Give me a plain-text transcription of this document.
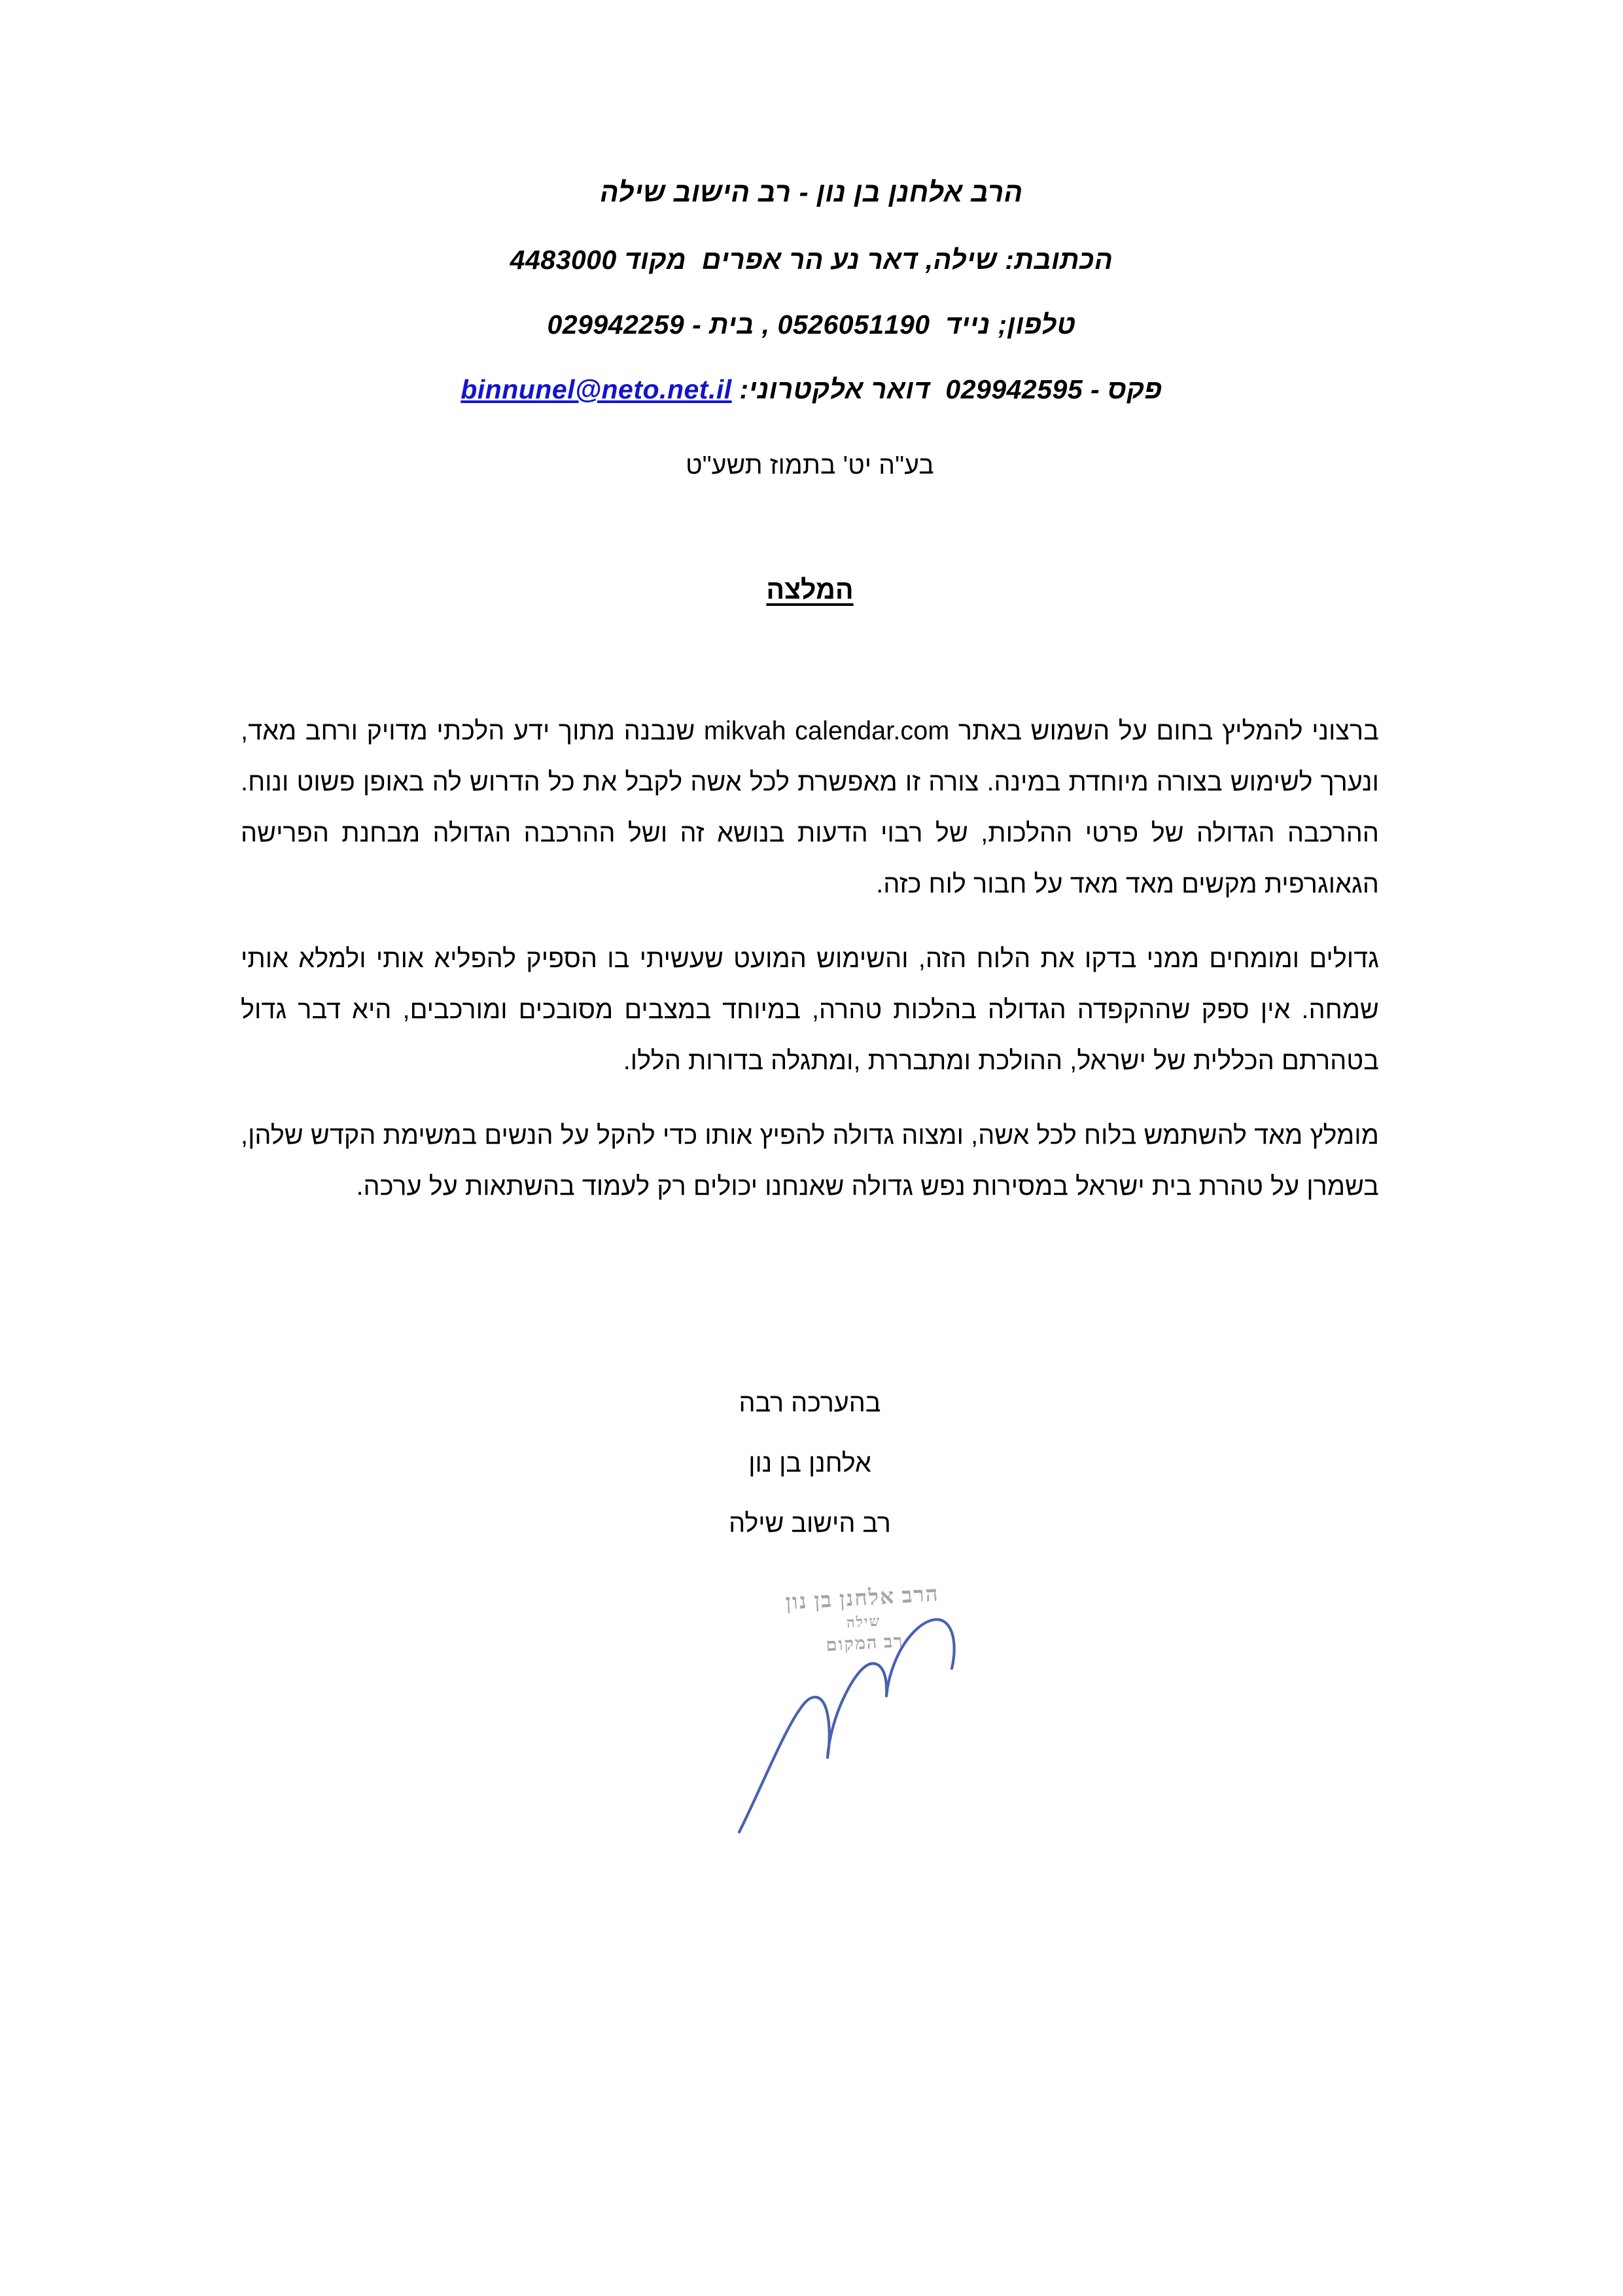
הרב אלחנן בן נון - רב הישוב שילה
הכתובת: שילה, דאר נע הר אפרים  מקוד 4483000
טלפון; נייד  0526051190 , בית - 029942259
פקס - 029942595  דואר אלקטרוני: binnunel@neto.net.il
בע"ה יט' בתמוז תשע"ט
המלצה

ברצוני להמליץ בחום על השמוש באתר mikvah calendar.com שנבנה מתוך ידע הלכתי מדויק ורחב מאד, ונערך לשימוש בצורה מיוחדת במינה. צורה זו מאפשרת לכל אשה לקבל את כל הדרוש לה באופן פשוט ונוח. ההרכבה הגדולה של פרטי ההלכות, של רבוי הדעות בנושא זה ושל ההרכבה הגדולה מבחנת הפרישה הגאוגרפית מקשים מאד מאד על חבור לוח כזה.

גדולים ומומחים ממני בדקו את הלוח הזה, והשימוש המועט שעשיתי בו הספיק להפליא אותי ולמלא אותי שמחה. אין ספק שההקפדה הגדולה בהלכות טהרה, במיוחד במצבים מסובכים ומורכבים, היא דבר גדול בטהרתם הכללית של ישראל, ההולכת ומתבררת ,ומתגלה בדורות הללו.

מומלץ מאד להשתמש בלוח לכל אשה, ומצוה גדולה להפיץ אותו כדי להקל על הנשים במשימת הקדש שלהן, בשמרן על טהרת בית ישראל במסירות נפש גדולה שאנחנו יכולים רק לעמוד בהשתאות על ערכה.

בהערכה רבה
אלחנן בן נון
רב הישוב שילה
הרב אלחנן בן נון
שילה
רב המקום
